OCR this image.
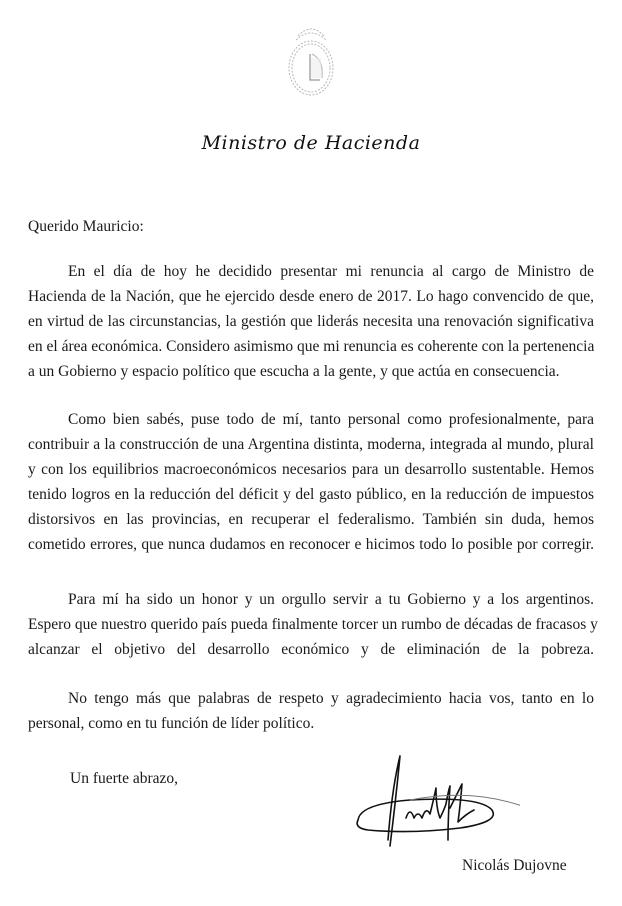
Ministro de Hacienda
Querido Mauricio:
En el día de hoy he decidido presentar mi renuncia al cargo de Ministro de
Hacienda de la Nación, que he ejercido desde enero de 2017. Lo hago convencido de que,
en virtud de las circunstancias, la gestión que liderás necesita una renovación significativa
en el área económica. Considero asimismo que mi renuncia es coherente con la pertenencia
a un Gobierno y espacio político que escucha a la gente, y que actúa en consecuencia.
Como bien sabés, puse todo de mí, tanto personal como profesionalmente, para
contribuir a la construcción de una Argentina distinta, moderna, integrada al mundo, plural
y con los equilibrios macroeconómicos necesarios para un desarrollo sustentable. Hemos
tenido logros en la reducción del déficit y del gasto público, en la reducción de impuestos
distorsivos en las provincias, en recuperar el federalismo. También sin duda, hemos
cometido errores, que nunca dudamos en reconocer e hicimos todo lo posible por corregir.
Para mí ha sido un honor y un orgullo servir a tu Gobierno y a los argentinos.
Espero que nuestro querido país pueda finalmente torcer un rumbo de décadas de fracasos y
alcanzar el objetivo del desarrollo económico y de eliminación de la pobreza.
No tengo más que palabras de respeto y agradecimiento hacia vos, tanto en lo
personal, como en tu función de líder político.
Un fuerte abrazo,
Nicolás Dujovne
